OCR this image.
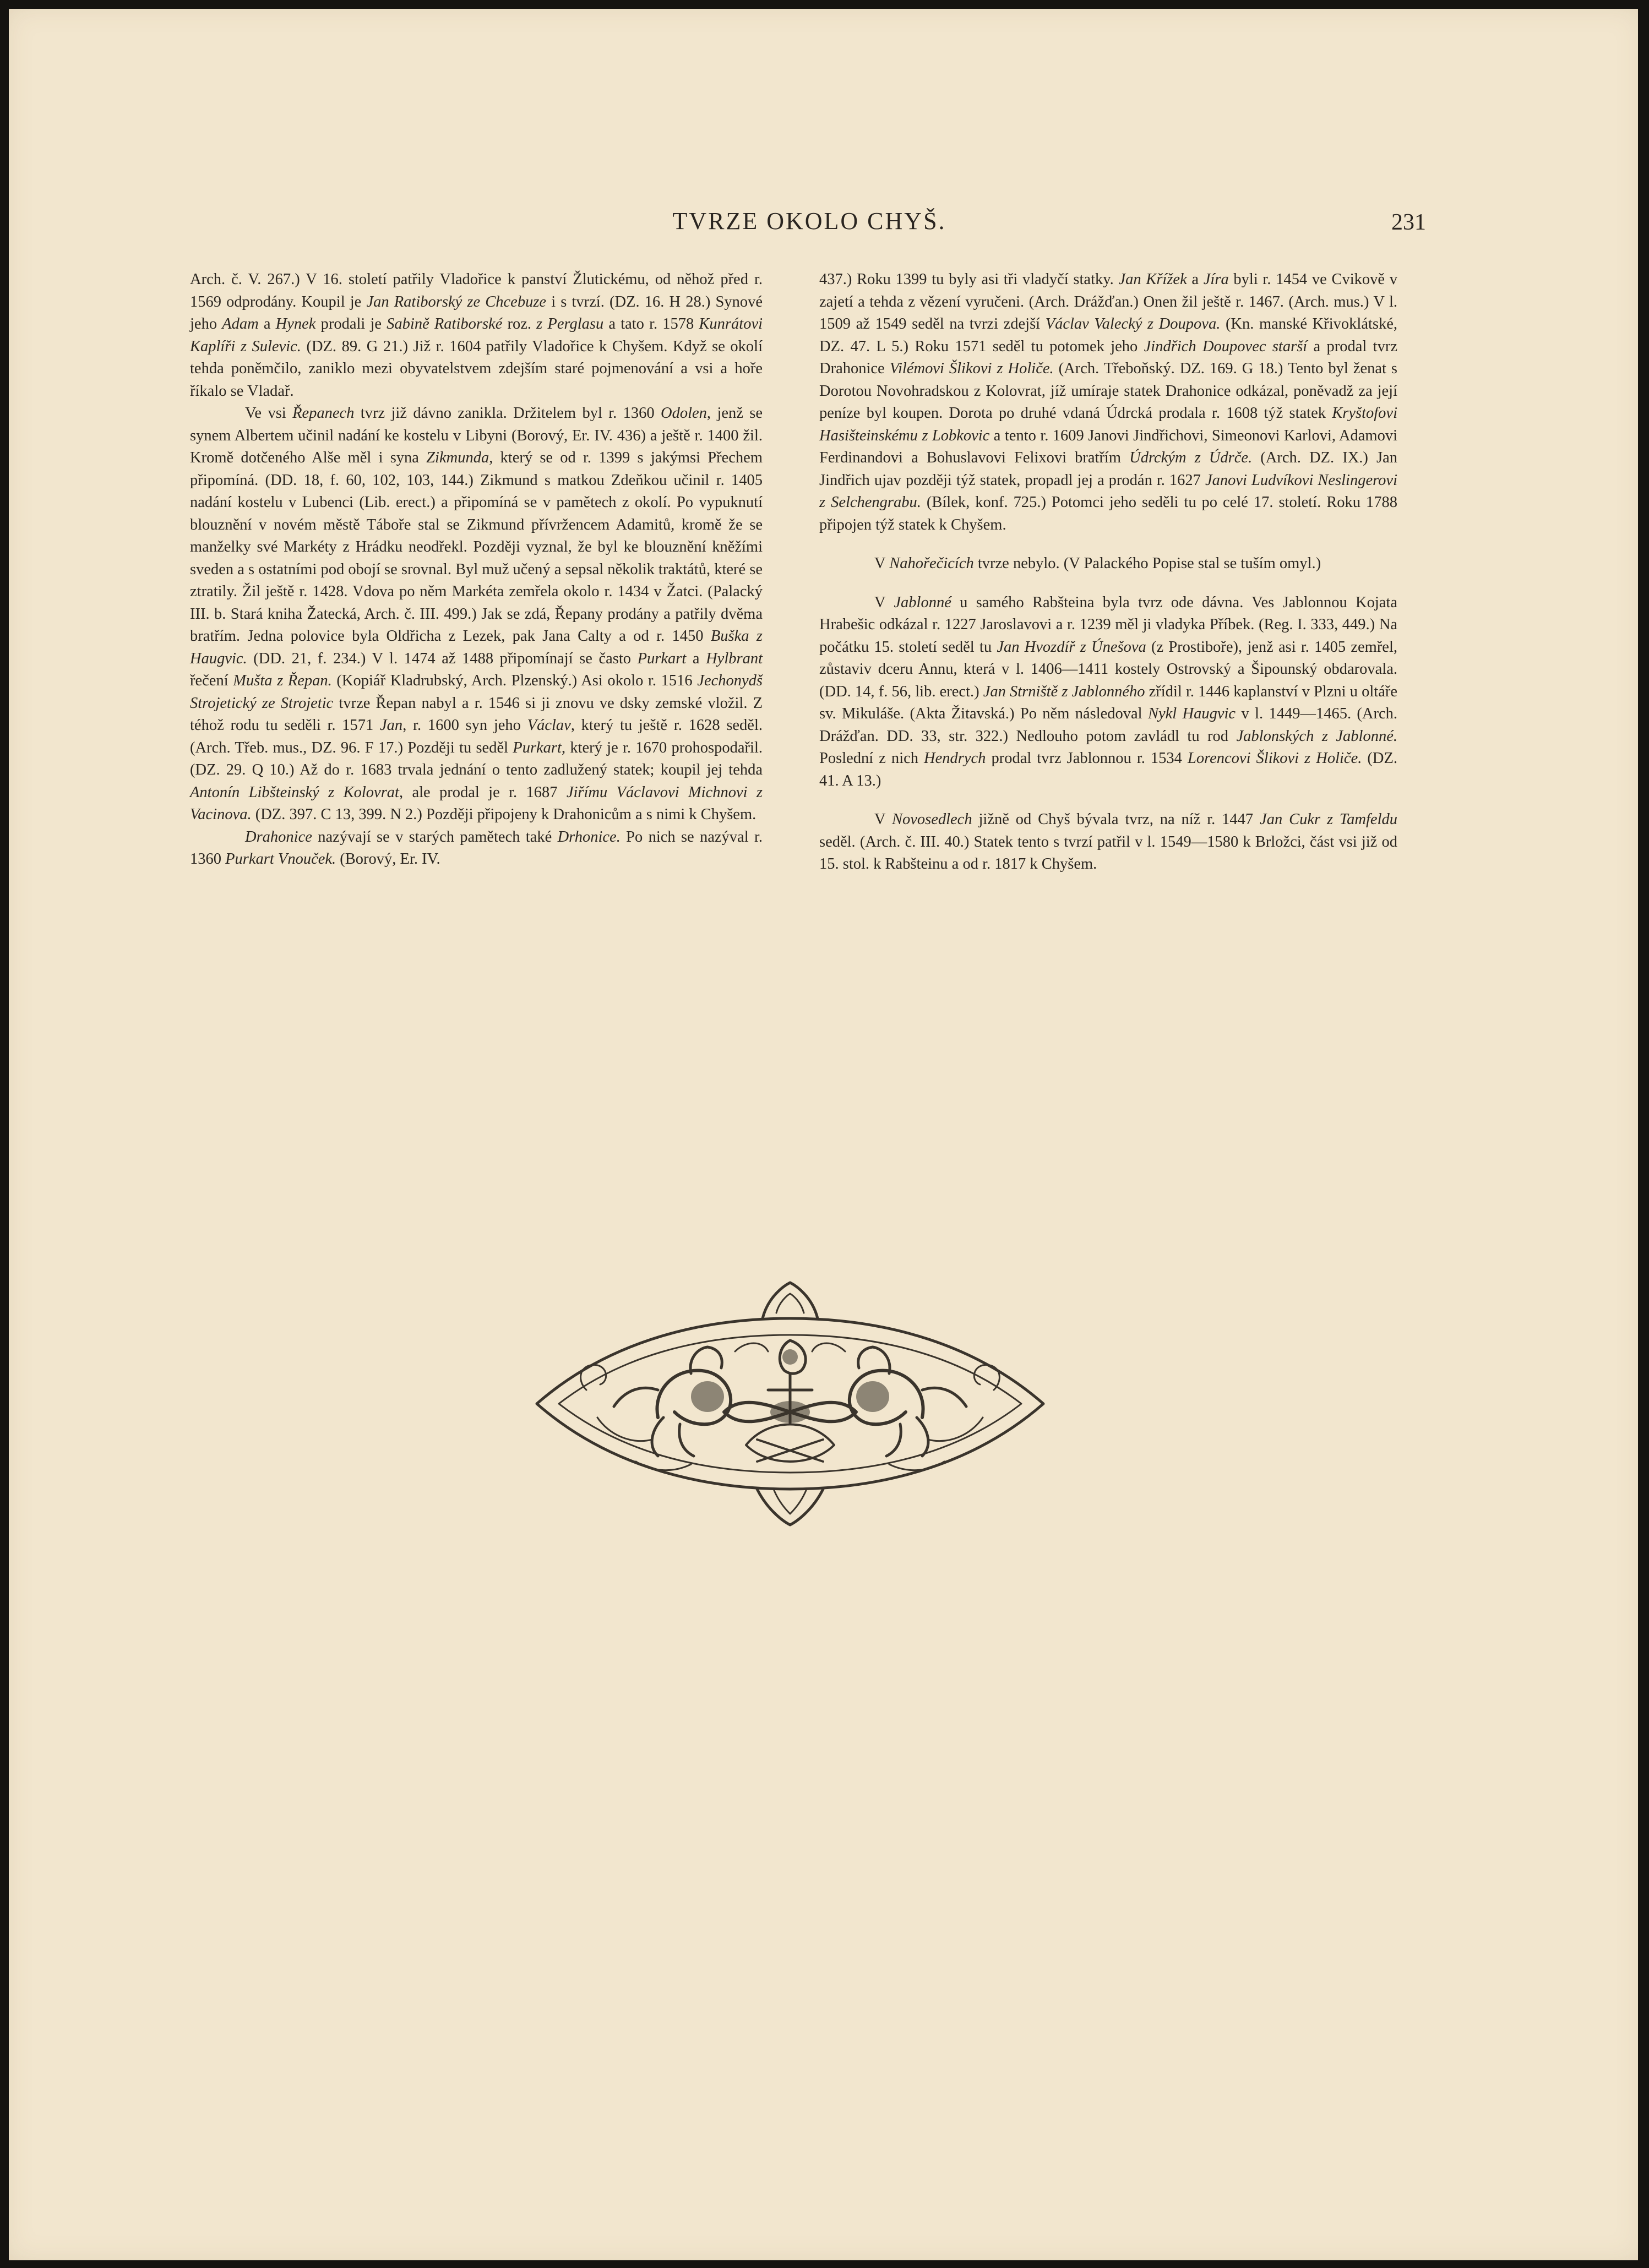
TVRZE OKOLO CHYŠ.	231

Arch. č. V. 267.) V 16. století patřily Vladořice k panství Žlutickému, od něhož před r. 1569 odprodány. Koupil je Jan Ratiborský ze Chcebuze i s tvrzí. (DZ. 16. H 28.) Synové jeho Adam a Hynek prodali je Sabině Ratiborské roz. z Perglasu a tato r. 1578 Kunrátovi Kaplíři z Sulevic. (DZ. 89. G 21.) Již r. 1604 patřily Vladořice k Chyšem. Když se okolí tehda poněmčilo, zaniklo mezi obyvatelstvem zdejším staré pojmenování a vsi a hoře říkalo se Vladař.

Ve vsi Řepanech tvrz již dávno zanikla. Držitelem byl r. 1360 Odolen, jenž se synem Albertem učinil nadání ke kostelu v Libyni (Borový, Er. IV. 436) a ještě r. 1400 žil. Kromě dotčeného Alše měl i syna Zikmunda, který se od r. 1399 s jakýmsi Přechem připomíná. (DD. 18, f. 60, 102, 103, 144.) Zikmund s matkou Zdeňkou učinil r. 1405 nadání kostelu v Lubenci (Lib. erect.) a připomíná se v pamětech z okolí. Po vypuknutí blouznění v novém městě Táboře stal se Zikmund přívržencem Adamitů, kromě že se manželky své Markéty z Hrádku neodřekl. Později vyznal, že byl ke blouznění kněžími sveden a s ostatními pod obojí se srovnal. Byl muž učený a sepsal několik traktátů, které se ztratily. Žil ještě r. 1428. Vdova po něm Markéta zemřela okolo r. 1434 v Žatci. (Palacký III. b. Stará kniha Žatecká, Arch. č. III. 499.) Jak se zdá, Řepany prodány a patřily dvěma bratřím. Jedna polovice byla Oldřicha z Lezek, pak Jana Calty a od r. 1450 Buška z Haugvic. (DD. 21, f. 234.) V l. 1474 až 1488 připomínají se často Purkart a Hylbrant řečení Mušta z Řepan. (Kopiář Kladrubský, Arch. Plzenský.) Asi okolo r. 1516 Jechonydš Strojetický ze Strojetic tvrze Řepan nabyl a r. 1546 si ji znovu ve dsky zemské vložil. Z téhož rodu tu seděli r. 1571 Jan, r. 1600 syn jeho Václav, který tu ještě r. 1628 seděl. (Arch. Třeb. mus., DZ. 96. F 17.) Později tu seděl Purkart, který je r. 1670 prohospodařil. (DZ. 29. Q 10.) Až do r. 1683 trvala jednání o tento zadlužený statek; koupil jej tehda Antonín Libšteinský z Kolovrat, ale prodal je r. 1687 Jiřímu Václavovi Michnovi z Vacinova. (DZ. 397. C 13, 399. N 2.) Později připojeny k Drahonicům a s nimi k Chyšem.

Drahonice nazývají se v starých pamětech také Drhonice. Po nich se nazýval r. 1360 Purkart Vnouček. (Borový, Er. IV.

437.) Roku 1399 tu byly asi tři vladyčí statky. Jan Křížek a Jíra byli r. 1454 ve Cvikově v zajetí a tehda z vězení vyručeni. (Arch. Drážďan.) Onen žil ještě r. 1467. (Arch. mus.) V l. 1509 až 1549 seděl na tvrzi zdejší Václav Valecký z Doupova. (Kn. manské Křivoklátské, DZ. 47. L 5.) Roku 1571 seděl tu potomek jeho Jindřich Doupovec starší a prodal tvrz Drahonice Vilémovi Šlikovi z Holiče. (Arch. Třeboňský. DZ. 169. G 18.) Tento byl ženat s Dorotou Novohradskou z Kolovrat, jíž umíraje statek Drahonice odkázal, poněvadž za její peníze byl koupen. Dorota po druhé vdaná Údrcká prodala r. 1608 týž statek Kryštofovi Hasišteinskému z Lobkovic a tento r. 1609 Janovi Jindřichovi, Simeonovi Karlovi, Adamovi Ferdinandovi a Bohuslavovi Felixovi bratřím Údrckým z Údrče. (Arch. DZ. IX.) Jan Jindřich ujav později týž statek, propadl jej a prodán r. 1627 Janovi Ludvíkovi Neslingerovi z Selchengrabu. (Bílek, konf. 725.) Potomci jeho seděli tu po celé 17. století. Roku 1788 připojen týž statek k Chyšem.

V Nahořečicích tvrze nebylo. (V Palackého Popise stal se tuším omyl.)

V Jablonné u samého Rabšteina byla tvrz ode dávna. Ves Jablonnou Kojata Hrabešic odkázal r. 1227 Jaroslavovi a r. 1239 měl ji vladyka Příbek. (Reg. I. 333, 449.) Na počátku 15. století seděl tu Jan Hvozdíř z Únešova (z Prostiboře), jenž asi r. 1405 zemřel, zůstaviv dceru Annu, která v l. 1406—1411 kostely Ostrovský a Šipounský obdarovala. (DD. 14, f. 56, lib. erect.) Jan Strniště z Jablonného zřídil r. 1446 kaplanství v Plzni u oltáře sv. Mikuláše. (Akta Žitavská.) Po něm následoval Nykl Haugvic v l. 1449—1465. (Arch. Drážďan. DD. 33, str. 322.) Nedlouho potom zavládl tu rod Jablonských z Jablonné. Poslední z nich Hendrych prodal tvrz Jablonnou r. 1534 Lorencovi Šlikovi z Holiče. (DZ. 41. A 13.)

V Novosedlech jižně od Chyš bývala tvrz, na níž r. 1447 Jan Cukr z Tamfeldu seděl. (Arch. č. III. 40.) Statek tento s tvrzí patřil v l. 1549—1580 k Brložci, část vsi již od 15. stol. k Rabšteinu a od r. 1817 k Chyšem.
